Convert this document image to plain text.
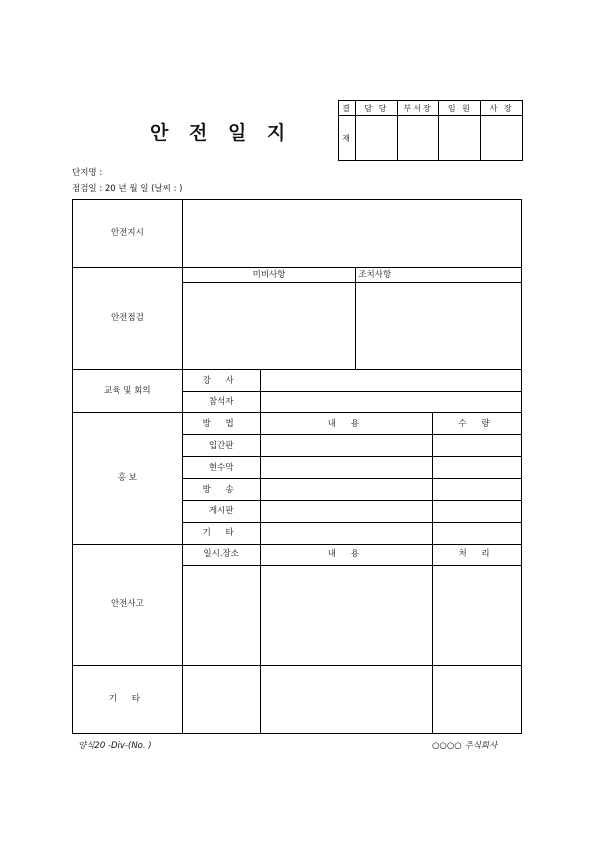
안 전 일 지
결	담 당	부서장	임 원	사 장
재				
단지명 :
점검일 : 20 년 월 일 (날씨 : )
안전지시				
안전점검	미비사항		조치사항	

교육 및 회의	강 사			
	참석자			
홍 보	방 법	내 용		수 량
	입간판			
	현수막			
	방 송			
	게시판			
	기 타			
안전사고	일시.장소	내 용		처 리

기 타				
양식20 -Div-(No. )	○○○○ 주식회사
